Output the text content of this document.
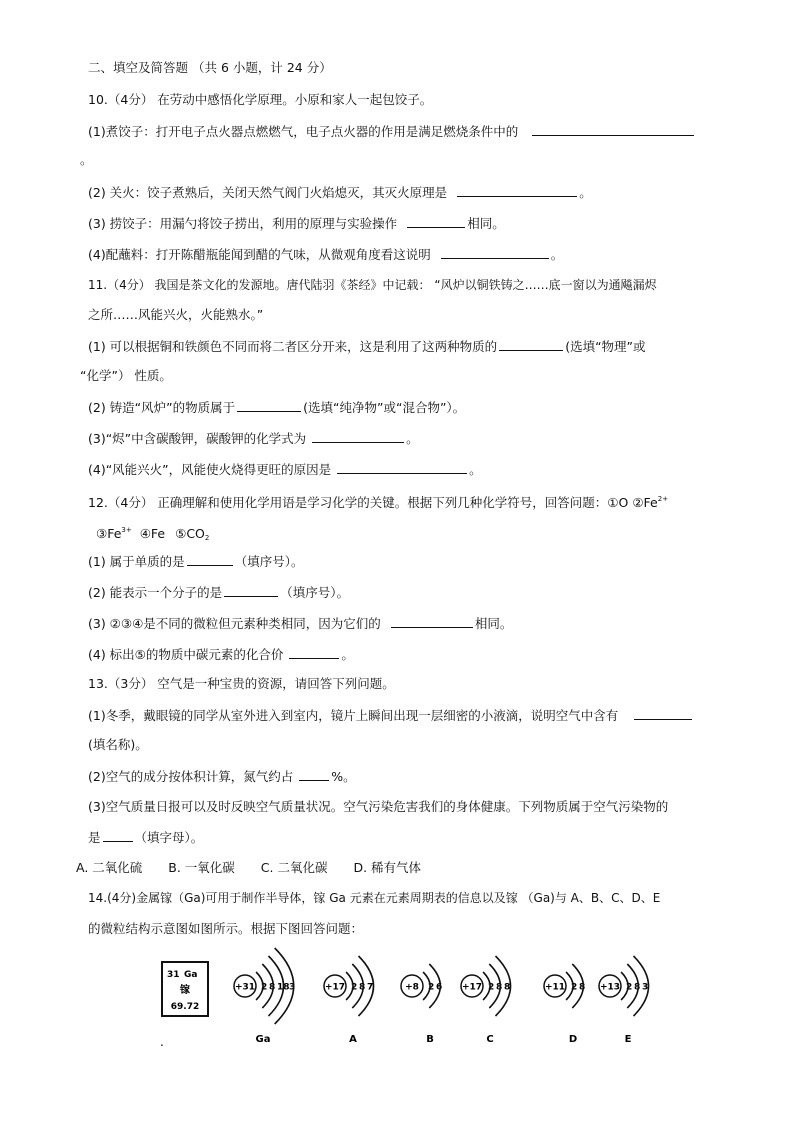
二、填空及简答题 （共 6 小题，计 24 分）
10.（4分） 在劳动中感悟化学原理。小原和家人一起包饺子。
(1)煮饺子：打开电子点火器点燃燃气，电子点火器的作用是满足燃烧条件中的
。
(2) 关火：饺子煮熟后，关闭天然气阀门火焰熄灭，其灭火原理是	。
(3) 捞饺子：用漏勺将饺子捞出，利用的原理与实验操作	相同。
(4)配蘸料：打开陈醋瓶能闻到醋的气味，从微观角度看这说明	。
11.（4分） 我国是茶文化的发源地。唐代陆羽《茶经》中记载： “风炉以铜铁铸之……底一窗以为通飚漏烬
之所……风能兴火，火能熟水。”
(1) 可以根据铜和铁颜色不同而将二者区分开来，这是利用了这两种物质的	(选填“物理”或
“化学”） 性质。
(2) 铸造“风炉”的物质属于	(选填“纯净物”或“混合物”）。
(3)“烬”中含碳酸钾，碳酸钾的化学式为	。
(4)“风能兴火”，风能使火烧得更旺的原因是	。
12.（4分） 正确理解和使用化学用语是学习化学的关键。根据下列几种化学符号，回答问题：①O $②Fe^{2+}$
$③Fe^{3+}$ ④Fe $⑤CO_2$
(1) 属于单质的是	（填序号）。
(2) 能表示一个分子的是	（填序号）。
(3) ②③④是不同的微粒但元素种类相同，因为它们的	相同。
(4) 标出⑤的物质中碳元素的化合价	。
13.（3分） 空气是一种宝贵的资源，请回答下列问题。
(1)冬季，戴眼镜的同学从室外进入到室内，镜片上瞬间出现一层细密的小液滴，说明空气中含有
(填名称)。
(2)空气的成分按体积计算，氮气约占	%。
(3)空气质量日报可以及时反映空气质量状况。空气污染危害我们的身体健康。下列物质属于空气污染物的
是	（填字母）。
A. 二氧化硫 B. 一氧化碳 C. 二氧化碳 D. 稀有气体
14.(4分)金属镓（Ga)可用于制作半导体，镓 Ga 元素在元素周期表的信息以及镓 （Ga)与 A、B、C、D、E
的微粒结构示意图如图所示。根据下图回答问题：
31 Ga
镓
69.72
+31 2 8 18 3
Ga
+17 2 8 7
A
+8 2 6
B
+17 2 8 8
C
+11 2 8
D
+13 2 8 3
E
.
